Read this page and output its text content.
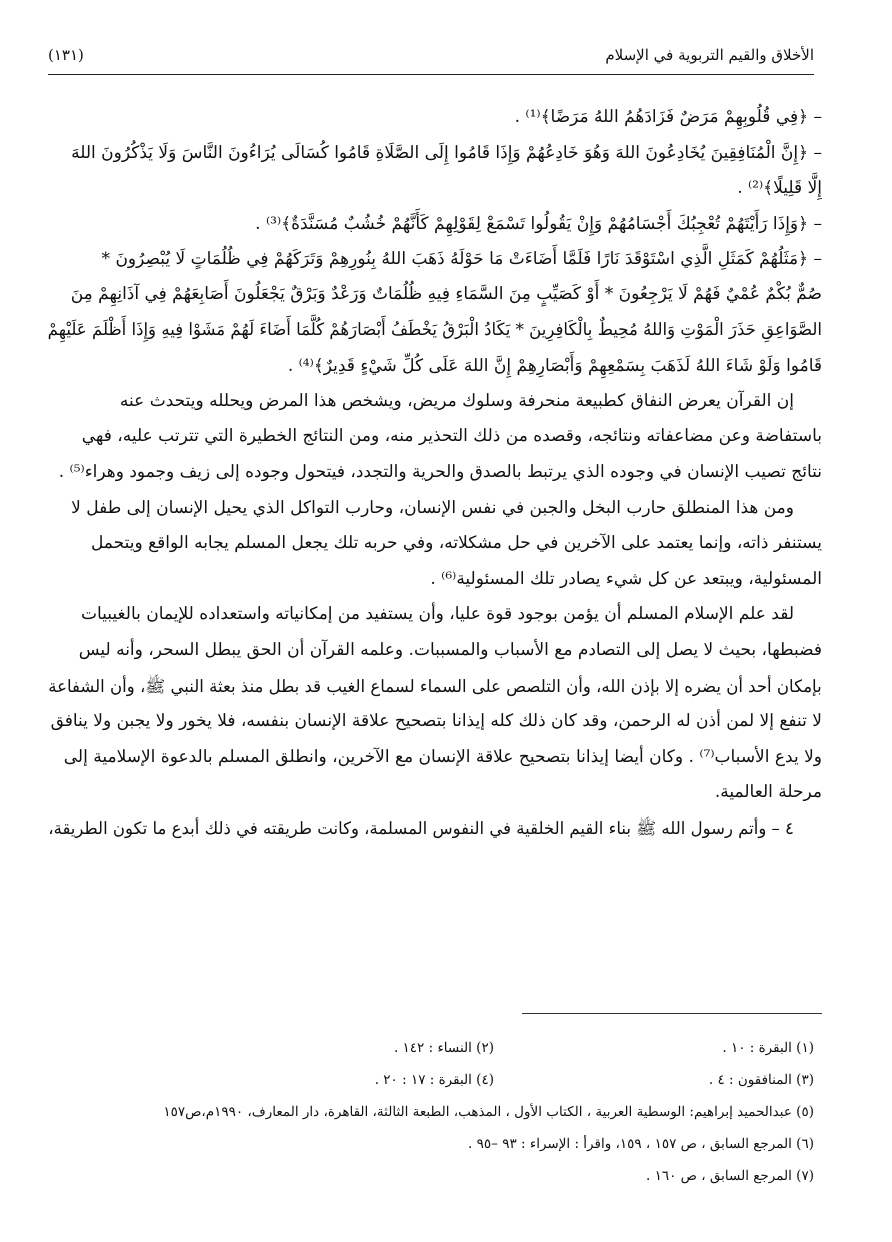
الأخلاق والقيم التربوية في الإسلام
(١٣١)
– ﴿فِي قُلُوبِهِمْ مَرَضٌ فَزَادَهُمُ اللهُ مَرَضًا﴾⁽¹⁾ .
– ﴿إِنَّ الْمُنَافِقِينَ يُخَادِعُونَ اللهَ وَهُوَ خَادِعُهُمْ وَإِذَا قَامُوا إِلَى الصَّلَاةِ قَامُوا كُسَالَى يُرَاءُونَ النَّاسَ وَلَا يَذْكُرُونَ اللهَ
إِلَّا قَلِيلًا﴾⁽²⁾ .
– ﴿وَإِذَا رَأَيْتَهُمْ تُعْجِبُكَ أَجْسَامُهُمْ وَإِنْ يَقُولُوا تَسْمَعْ لِقَوْلِهِمْ كَأَنَّهُمْ خُشُبٌ مُسَنَّدَةٌ﴾⁽³⁾ .
– ﴿مَثَلُهُمْ كَمَثَلِ الَّذِي اسْتَوْقَدَ نَارًا فَلَمَّا أَضَاءَتْ مَا حَوْلَهُ ذَهَبَ اللهُ بِنُورِهِمْ وَتَرَكَهُمْ فِي ظُلُمَاتٍ لَا يُبْصِرُونَ *
صُمٌّ بُكْمٌ عُمْيٌ فَهُمْ لَا يَرْجِعُونَ * أَوْ كَصَيِّبٍ مِنَ السَّمَاءِ فِيهِ ظُلُمَاتٌ وَرَعْدٌ وَبَرْقٌ يَجْعَلُونَ أَصَابِعَهُمْ فِي آذَانِهِمْ مِنَ
الصَّوَاعِقِ حَذَرَ الْمَوْتِ وَاللهُ مُحِيطٌ بِالْكَافِرِينَ * يَكَادُ الْبَرْقُ يَخْطَفُ أَبْصَارَهُمْ كُلَّمَا أَضَاءَ لَهُمْ مَشَوْا فِيهِ وَإِذَا أَظْلَمَ عَلَيْهِمْ
قَامُوا وَلَوْ شَاءَ اللهُ لَذَهَبَ بِسَمْعِهِمْ وَأَبْصَارِهِمْ إِنَّ اللهَ عَلَى كُلِّ شَيْءٍ قَدِيرٌ﴾⁽⁴⁾ .
إن القرآن يعرض النفاق كطبيعة منحرفة وسلوك مريض، ويشخص هذا المرض ويحلله ويتحدث عنه
باستفاضة وعن مضاعفاته ونتائجه، وقصده من ذلك التحذير منه، ومن النتائج الخطيرة التي تترتب عليه، فهي
نتائج تصيب الإنسان في وجوده الذي يرتبط بالصدق والحرية والتجدد، فيتحول وجوده إلى زيف وجمود وهراء⁽⁵⁾ .
ومن هذا المنطلق حارب البخل والجبن في نفس الإنسان، وحارب التواكل الذي يحيل الإنسان إلى طفل لا
يستنفر ذاته، وإنما يعتمد على الآخرين في حل مشكلاته، وفي حربه تلك يجعل المسلم يجابه الواقع ويتحمل
المسئولية، ويبتعد عن كل شيء يصادر تلك المسئولية⁽⁶⁾ .
لقد علم الإسلام المسلم أن يؤمن بوجود قوة عليا، وأن يستفيد من إمكانياته واستعداده للإيمان بالغيبيات
فضبطها، بحيث لا يصل إلى التصادم مع الأسباب والمسببات. وعلمه القرآن أن الحق يبطل السحر، وأنه ليس
بإمكان أحد أن يضره إلا بإذن الله، وأن التلصص على السماء لسماع الغيب قد بطل منذ بعثة النبي ﷺ، وأن الشفاعة
لا تنفع إلا لمن أذن له الرحمن، وقد كان ذلك كله إيذانا بتصحيح علاقة الإنسان بنفسه، فلا يخور ولا يجبن ولا ينافق
ولا يدع الأسباب⁽⁷⁾ . وكان أيضا إيذانا بتصحيح علاقة الإنسان مع الآخرين، وانطلق المسلم بالدعوة الإسلامية إلى
مرحلة العالمية.
٤ – وأتم رسول الله ﷺ بناء القيم الخلقية في النفوس المسلمة، وكانت طريقته في ذلك أبدع ما تكون الطريقة،
(١) البقرة : ١٠ .
(٢) النساء : ١٤٢ .
(٣) المنافقون : ٤ .
(٤) البقرة : ١٧ : ٢٠ .
(٥) عبدالحميد إبراهيم: الوسطية العربية ، الكتاب الأول ، المذهب، الطبعة الثالثة، القاهرة، دار المعارف، ١٩٩٠م،ص١٥٧
(٦) المرجع السابق ، ص ١٥٧ ، ١٥٩، واقرأ : الإسراء : ٩٣ –٩٥ .
(٧) المرجع السابق ، ص ١٦٠ .
